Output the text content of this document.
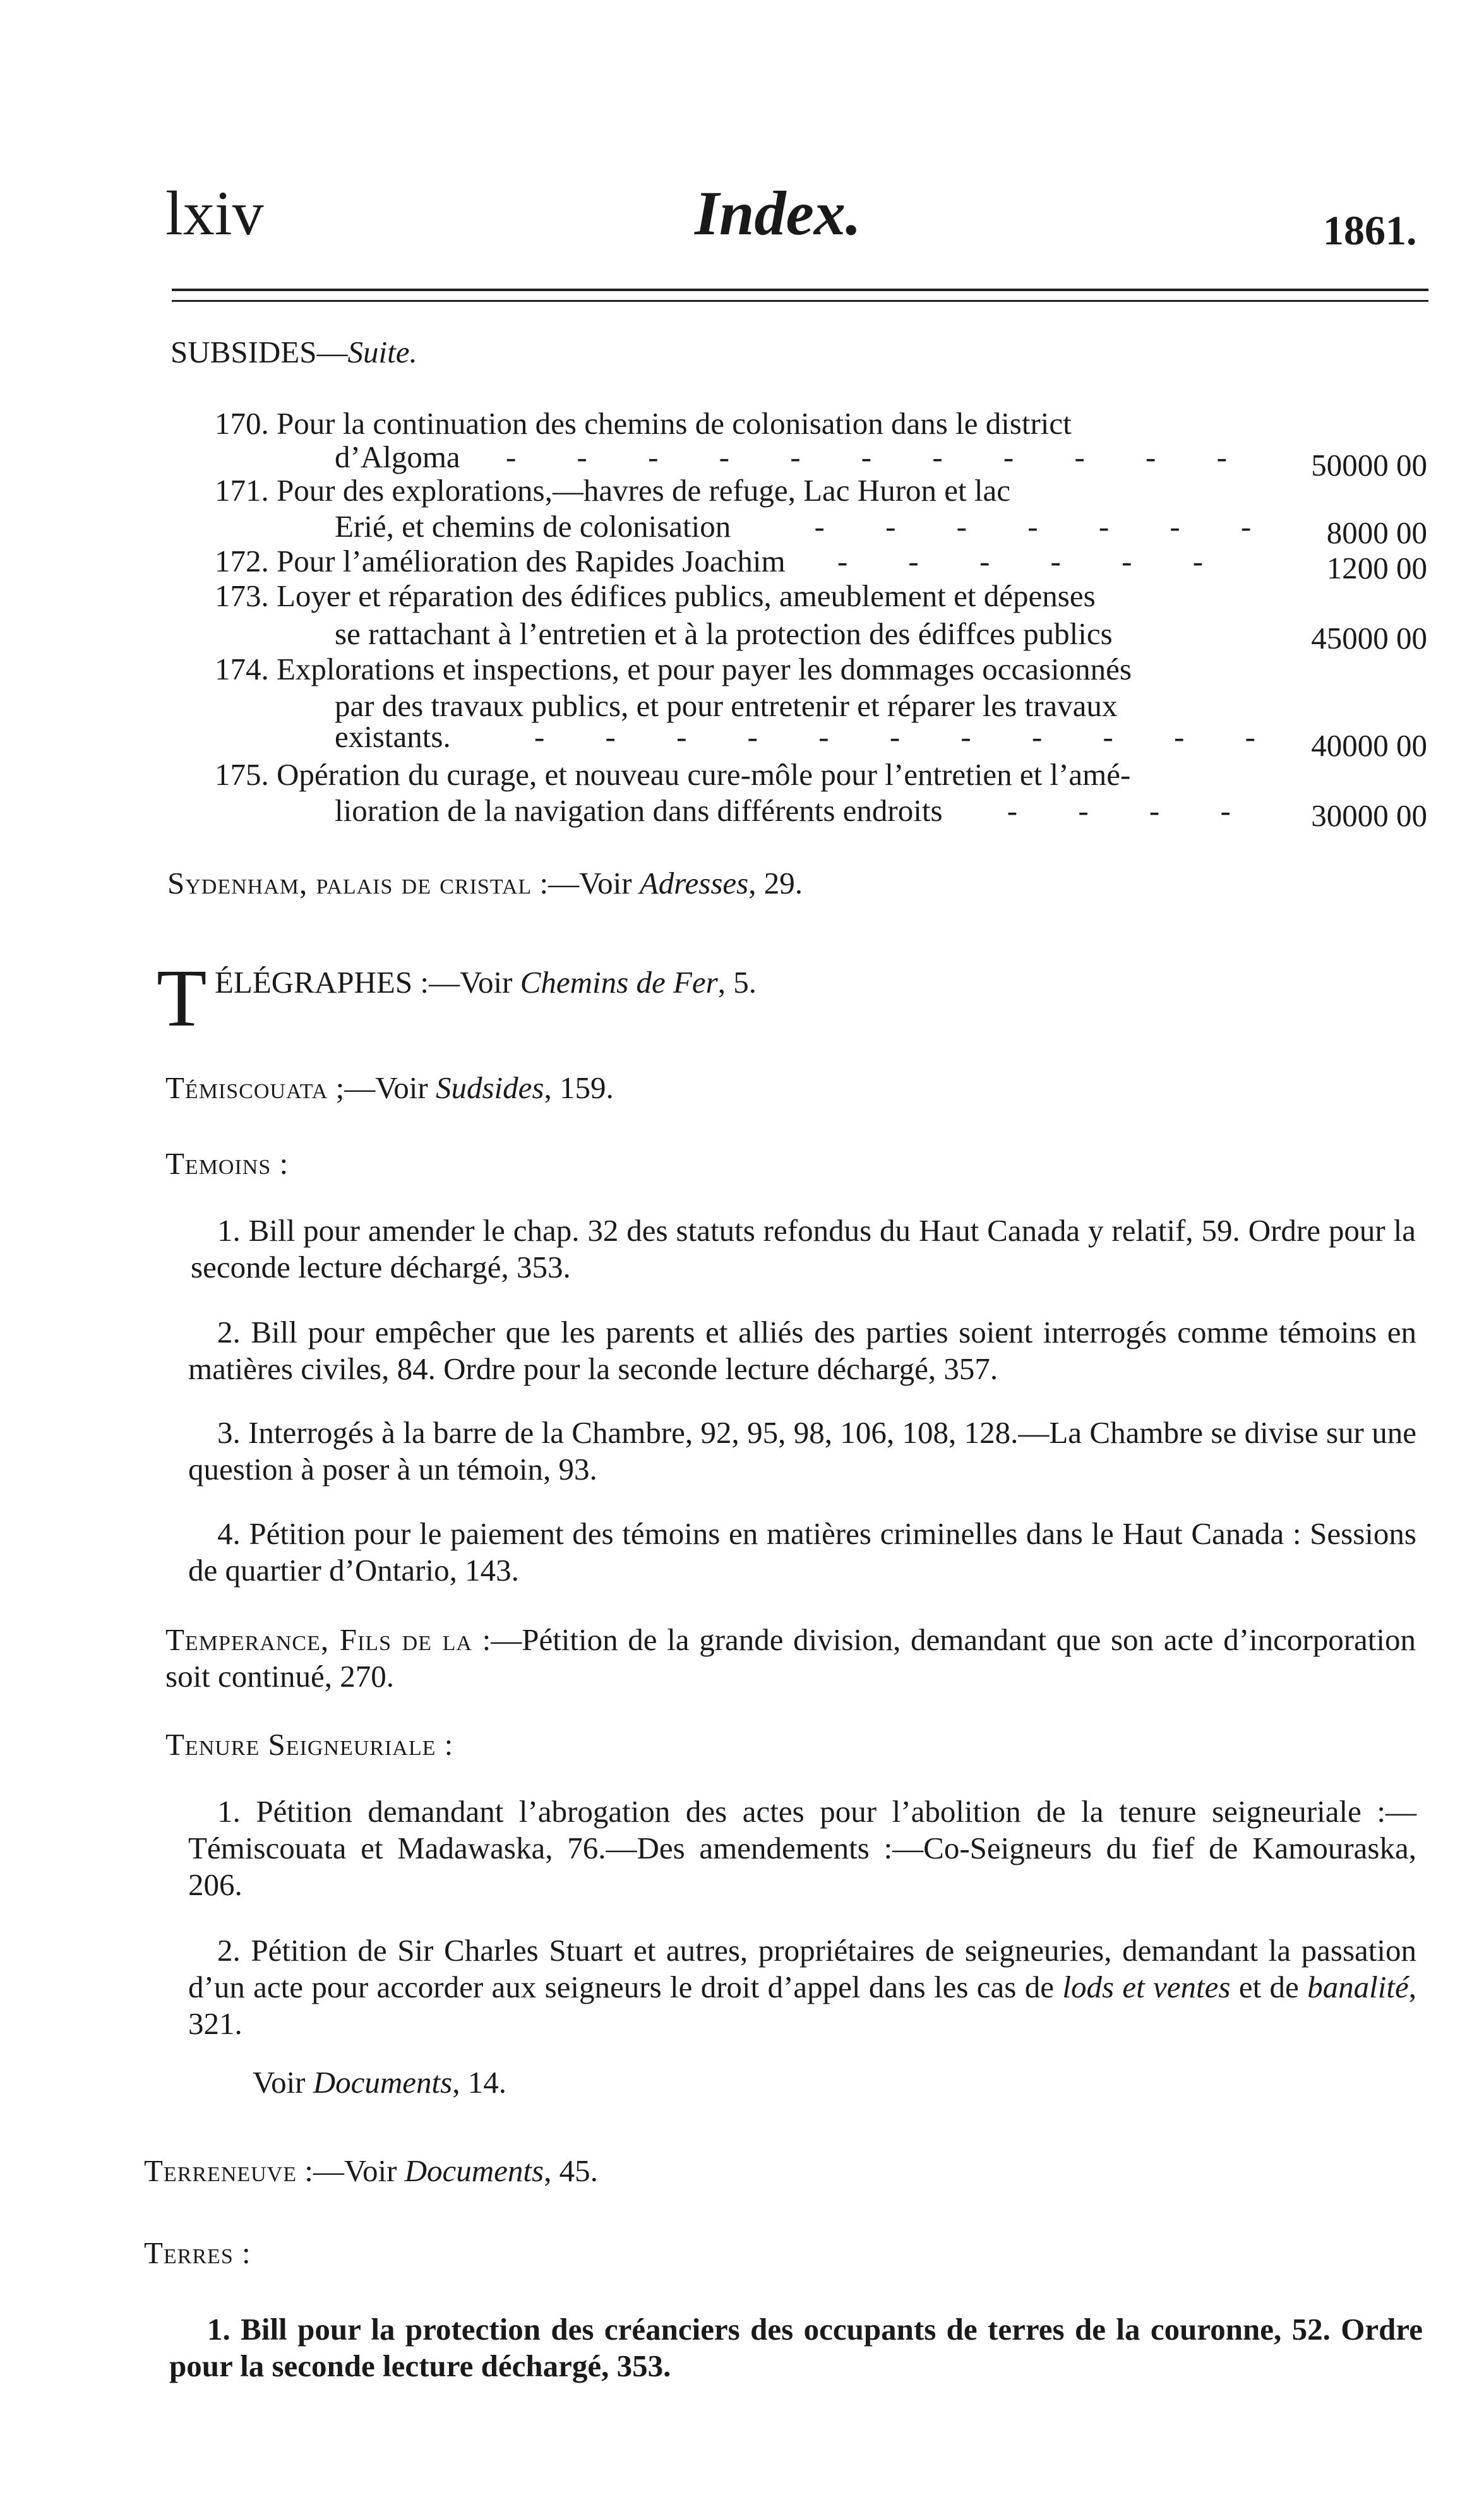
lxiv	Index.	1861.
SUBSIDES—Suite.
170. Pour la continuation des chemins de colonisation dans le district
d’Algoma - - - - - - - - - - -	50000 00
171. Pour des explorations,—havres de refuge, Lac Huron et lac
Erié, et chemins de colonisation	- - - - - - -	8000 00
172. Pour l’amélioration des Rapides Joachim - - - - - -	1200 00
173. Loyer et réparation des édifices publics, ameublement et dépenses
se rattachant à l’entretien et à la protection des édiffces publics	45000 00
174. Explorations et inspections, et pour payer les dommages occasionnés
par des travaux publics, et pour entretenir et réparer les travaux
existants.	- - - - - - - - - - - 40000 00
175. Opération du curage, et nouveau cure-môle pour l’entretien et l’amé-
lioration de la navigation dans différents endroits - - - -	30000 00
Sydenham, palais de cristal :—Voir Adresses, 29.
T ÉLÉGRAPHES :—Voir Chemins de Fer, 5.
Témiscouata ;—Voir Sudsides, 159.
Temoins :
1. Bill pour amender le chap. 32 des statuts refondus du Haut Canada y relatif, 59. Ordre pour la seconde lecture déchargé, 353.
2. Bill pour empêcher que les parents et alliés des parties soient interrogés comme témoins en matières civiles, 84. Ordre pour la seconde lecture déchargé, 357.
3. Interrogés à la barre de la Chambre, 92, 95, 98, 106, 108, 128.—La Chambre se divise sur une question à poser à un témoin, 93.
4. Pétition pour le paiement des témoins en matières criminelles dans le Haut Canada : Sessions de quartier d’Ontario, 143.

Temperance, Fils de la :—Pétition de la grande division, demandant que son acte d’incorporation soit continué, 270.

Tenure Seigneuriale :
1. Pétition demandant l’abrogation des actes pour l’abolition de la tenure seigneuriale :—Témiscouata et Madawaska, 76.—Des amendements :—Co-Seigneurs du fief de Kamouraska, 206.
2. Pétition de Sir Charles Stuart et autres, propriétaires de seigneuries, demandant la passation d’un acte pour accorder aux seigneurs le droit d’appel dans les cas de lods et ventes et de banalité, 321.
Voir Documents, 14.
Terreneuve :—Voir Documents, 45.
Terres :
1. Bill pour la protection des créanciers des occupants de terres de la couronne, 52. Ordre pour la seconde lecture déchargé, 353.
